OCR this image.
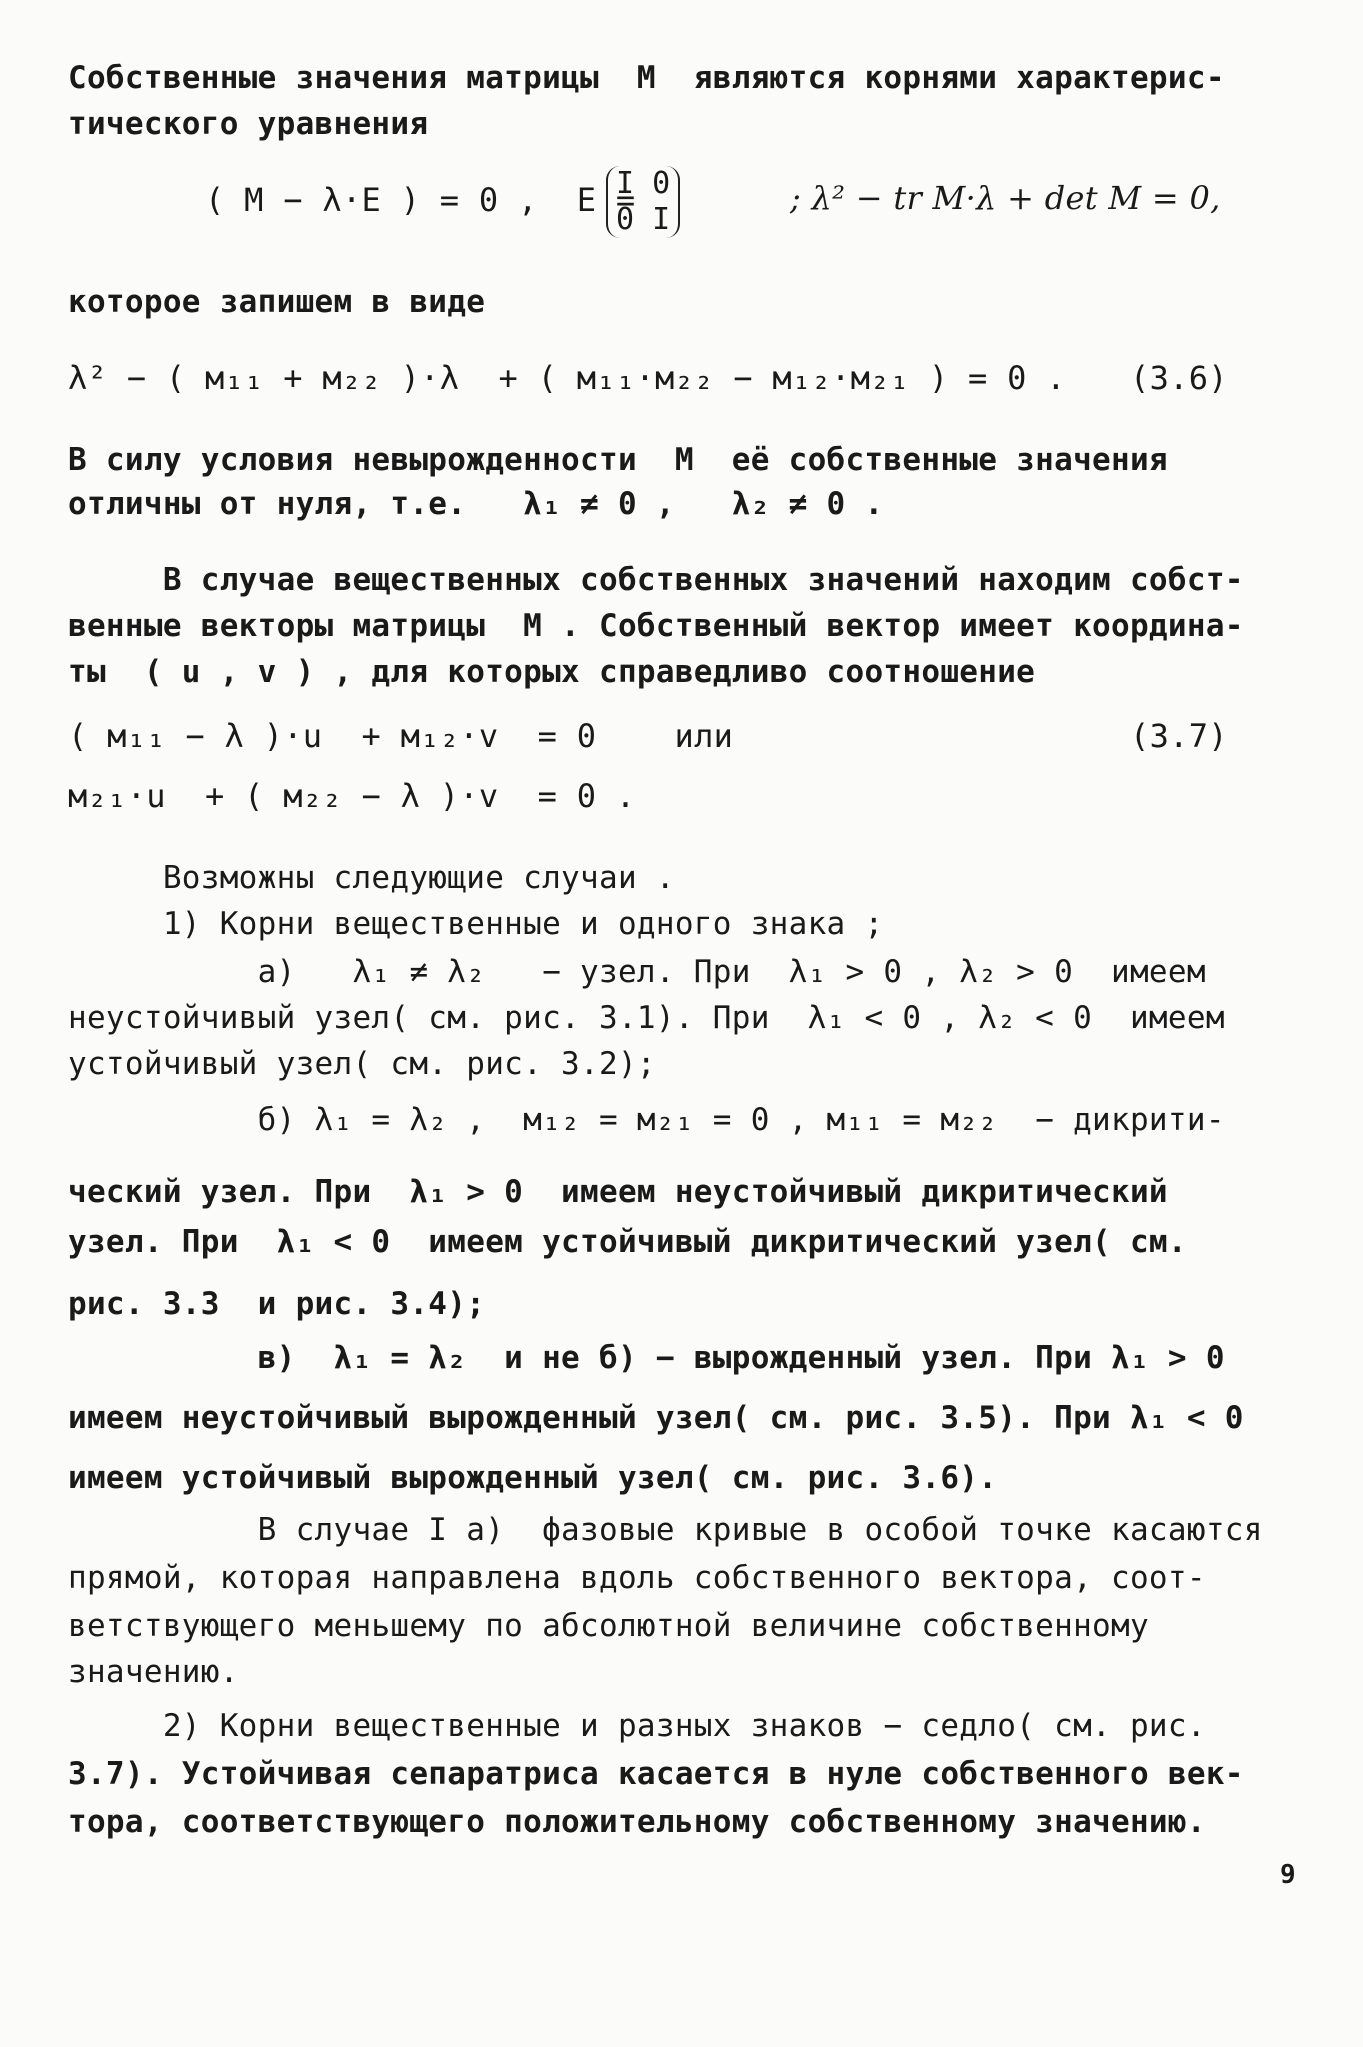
Собственные значения матрицы  М  являются корнями характерис-
тического уравнения
( М − λ·Е ) = 0 ,  Е =
I 0
0 I
; λ² − tr M·λ + det M = 0,
которое запишем в виде
λ² − ( м₁₁ + м₂₂ )·λ  + ( м₁₁·м₂₂ − м₁₂·м₂₁ ) = 0 . (3.6)
В силу условия невырожденности  М  её собственные значения
отличны от нуля, т.е.   λ₁ ≠ 0 ,   λ₂ ≠ 0 .
В случае вещественных собственных значений находим собст-
венные векторы матрицы  М . Собственный вектор имеет координа-
ты  ( u , v ) , для которых справедливо соотношение
( м₁₁ − λ )·u  + м₁₂·v  = 0    или	(3.7)
м₂₁·u  + ( м₂₂ − λ )·v  = 0 .
Возможны следующие случаи .
1) Корни вещественные и одного знака ;
а)   λ₁ ≠ λ₂   − узел. При  λ₁ > 0 , λ₂ > 0  имеем
неустойчивый узел( см. рис. 3.1). При  λ₁ < 0 , λ₂ < 0  имеем
устойчивый узел( см. рис. 3.2);
б) λ₁ = λ₂ ,  м₁₂ = м₂₁ = 0 , м₁₁ = м₂₂  − дикрити-
ческий узел. При  λ₁ > 0  имеем неустойчивый дикритический
узел. При  λ₁ < 0  имеем устойчивый дикритический узел( см.
рис. 3.3  и рис. 3.4);
в)  λ₁ = λ₂  и не б) − вырожденный узел. При λ₁ > 0
имеем неустойчивый вырожденный узел( см. рис. 3.5). При λ₁ < 0
имеем устойчивый вырожденный узел( см. рис. 3.6).
В случае I а)  фазовые кривые в особой точке касаются
прямой, которая направлена вдоль собственного вектора, соот-
ветствующего меньшему по абсолютной величине собственному
значению.
2) Корни вещественные и разных знаков − седло( см. рис.
3.7). Устойчивая сепаратриса касается в нуле собственного век-
тора, соответствующего положительному собственному значению.
9
